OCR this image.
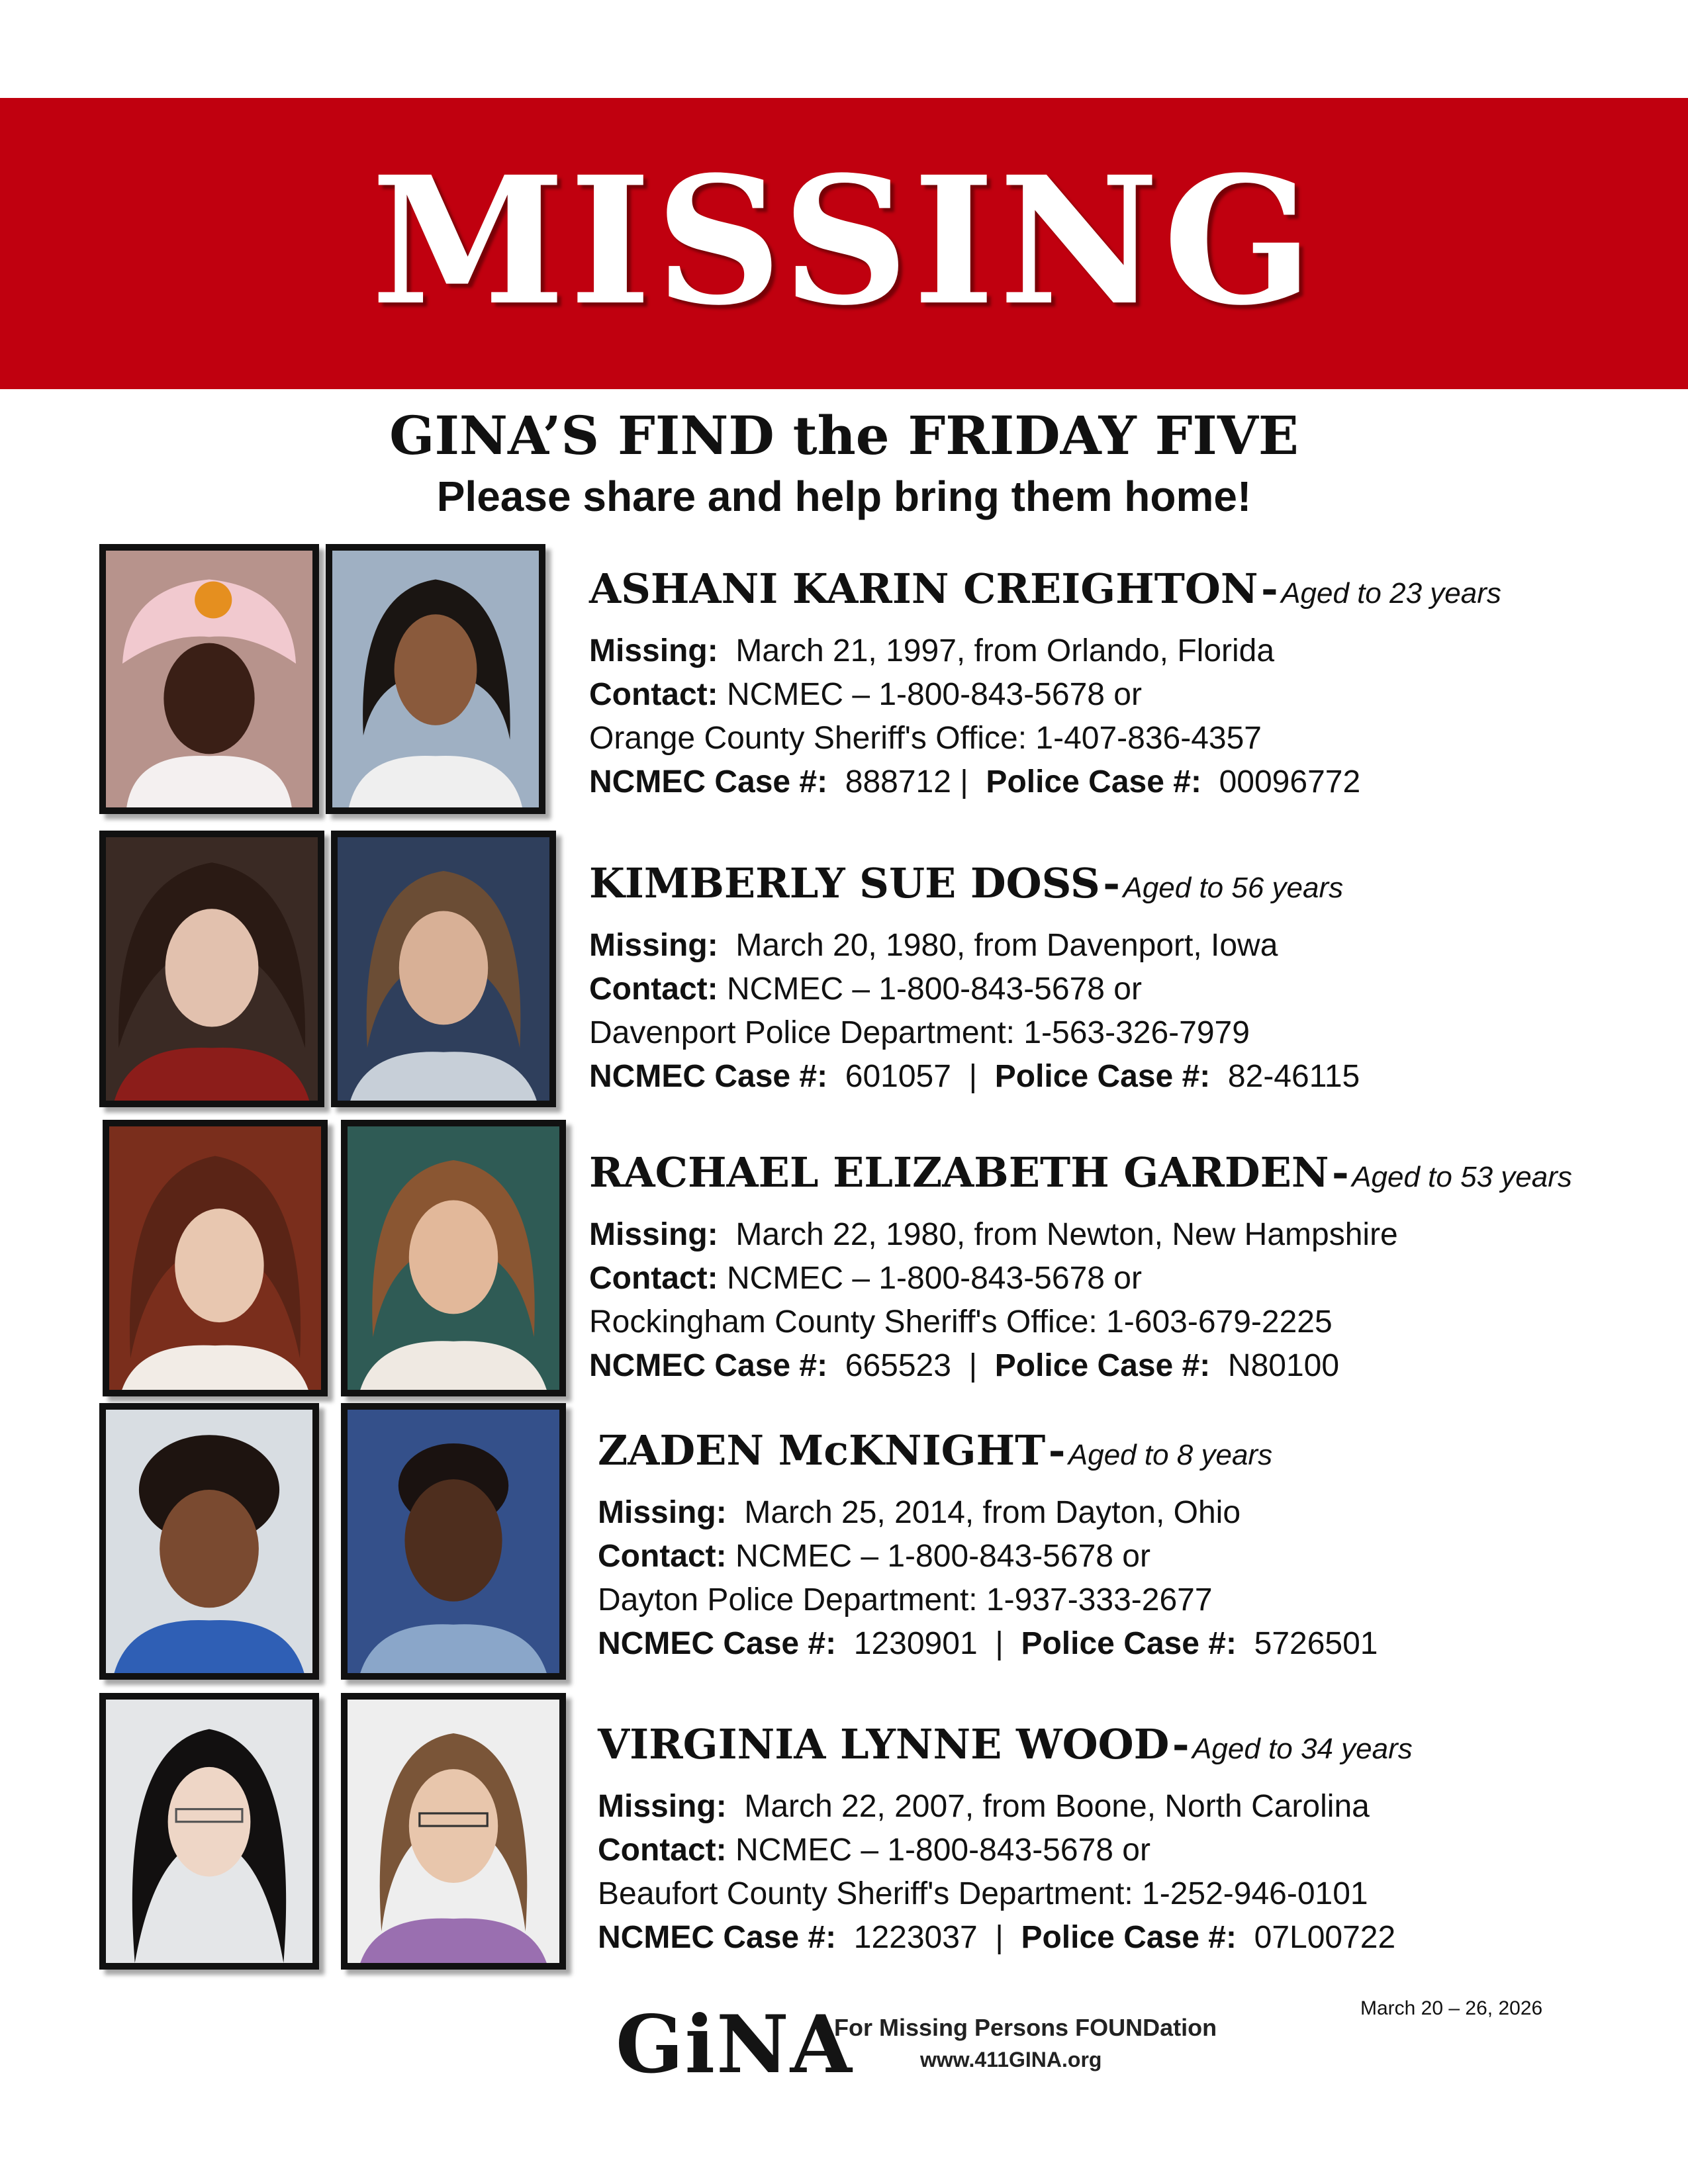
MISSING
GINA’S FIND the FRIDAY FIVE
Please share and help bring them home!
ASHANI KARIN CREIGHTON - Aged to 23 years
Missing: March 21, 1997, from Orlando, Florida
Contact: NCMEC – 1-800-843-5678 or
Orange County Sheriff's Office: 1-407-836-4357
NCMEC Case #: 888712 | Police Case #: 00096772
KIMBERLY SUE DOSS - Aged to 56 years
Missing: March 20, 1980, from Davenport, Iowa
Contact: NCMEC – 1-800-843-5678 or
Davenport Police Department: 1-563-326-7979
NCMEC Case #: 601057 | Police Case #: 82-46115
RACHAEL ELIZABETH GARDEN - Aged to 53 years
Missing: March 22, 1980, from Newton, New Hampshire
Contact: NCMEC – 1-800-843-5678 or
Rockingham County Sheriff's Office: 1-603-679-2225
NCMEC Case #: 665523 | Police Case #: N80100
ZADEN McKNIGHT - Aged to 8 years
Missing: March 25, 2014, from Dayton, Ohio
Contact: NCMEC – 1-800-843-5678 or
Dayton Police Department: 1-937-333-2677
NCMEC Case #: 1230901 | Police Case #: 5726501
VIRGINIA LYNNE WOOD - Aged to 34 years
Missing: March 22, 2007, from Boone, North Carolina
Contact: NCMEC – 1-800-843-5678 or
Beaufort County Sheriff's Department: 1-252-946-0101
NCMEC Case #: 1223037 | Police Case #: 07L00722
GiNA
For Missing Persons FOUNDation
www.411GINA.org
March 20 – 26, 2026
